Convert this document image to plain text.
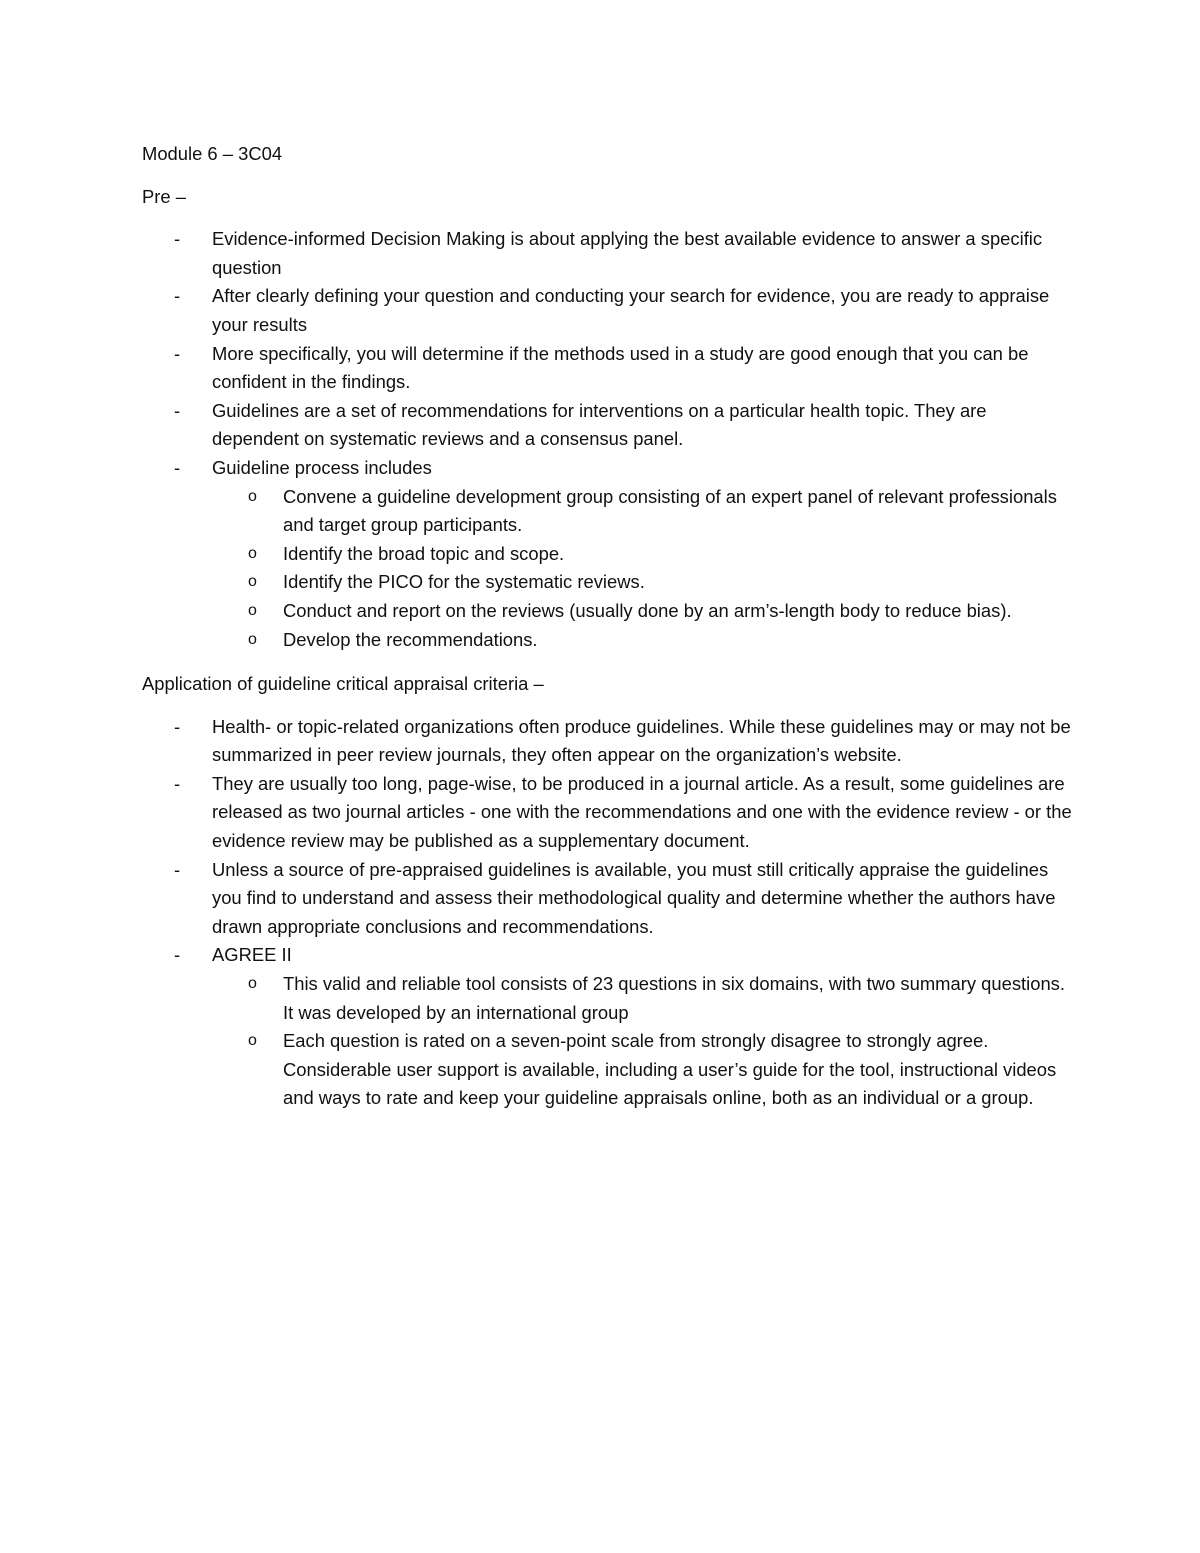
Module 6 – 3C04

Pre –

- Evidence-informed Decision Making is about applying the best available evidence to answer a specific question
- After clearly defining your question and conducting your search for evidence, you are ready to appraise your results
- More specifically, you will determine if the methods used in a study are good enough that you can be confident in the findings.
- Guidelines are a set of recommendations for interventions on a particular health topic. They are dependent on systematic reviews and a consensus panel.
- Guideline process includes
o Convene a guideline development group consisting of an expert panel of relevant professionals and target group participants.
o Identify the broad topic and scope.
o Identify the PICO for the systematic reviews.
o Conduct and report on the reviews (usually done by an arm’s-length body to reduce bias).
o Develop the recommendations.

Application of guideline critical appraisal criteria –

- Health- or topic-related organizations often produce guidelines. While these guidelines may or may not be summarized in peer review journals, they often appear on the organization’s website.
- They are usually too long, page-wise, to be produced in a journal article. As a result, some guidelines are released as two journal articles - one with the recommendations and one with the evidence review - or the evidence review may be published as a supplementary document.
- Unless a source of pre-appraised guidelines is available, you must still critically appraise the guidelines you find to understand and assess their methodological quality and determine whether the authors have drawn appropriate conclusions and recommendations.
- AGREE II
o This valid and reliable tool consists of 23 questions in six domains, with two summary questions. It was developed by an international group
o Each question is rated on a seven-point scale from strongly disagree to strongly agree. Considerable user support is available, including a user’s guide for the tool, instructional videos and ways to rate and keep your guideline appraisals online, both as an individual or a group.
